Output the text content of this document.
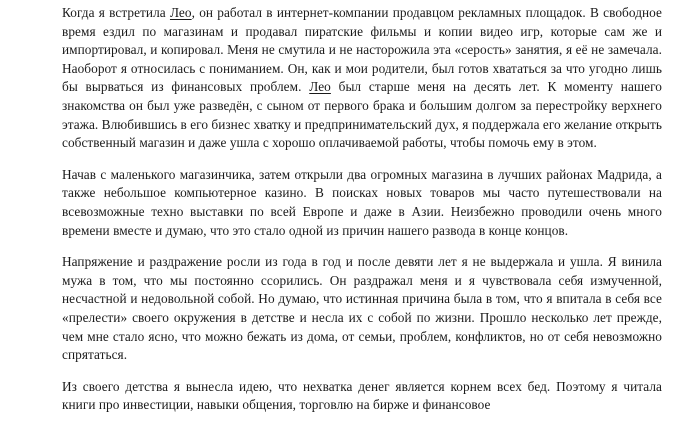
Когда я встретила Лео, он работал в интернет-компании продавцом рекламных площадок. В свободное время ездил по магазинам и продавал пиратские фильмы и копии видео игр, которые сам же и импортировал, и копировал. Меня не смутила и не насторожила эта «серость» занятия, я её не замечала. Наоборот я относилась с пониманием. Он, как и мои родители, был готов хвататься за что угодно лишь бы вырваться из финансовых проблем. Лео был старше меня на десять лет. К моменту нашего знакомства он был уже разведён, с сыном от первого брака и большим долгом за перестройку верхнего этажа. Влюбившись в его бизнес хватку и предпринимательский дух, я поддержала его желание открыть собственный магазин и даже ушла с хорошо оплачиваемой работы, чтобы помочь ему в этом.

Начав с маленького магазинчика, затем открыли два огромных магазина в лучших районах Мадрида, а также небольшое компьютерное казино. В поисках новых товаров мы часто путешествовали на всевозможные техно выставки по всей Европе и даже в Азии. Неизбежно проводили очень много времени вместе и думаю, что это стало одной из причин нашего развода в конце концов.

Напряжение и раздражение росли из года в год и после девяти лет я не выдержала и ушла. Я винила мужа в том, что мы постоянно ссорились. Он раздражал меня и я чувствовала себя измученной, несчастной и недовольной собой. Но думаю, что истинная причина была в том, что я впитала в себя все «прелести» своего окружения в детстве и несла их с собой по жизни. Прошло несколько лет прежде, чем мне стало ясно, что можно бежать из дома, от семьи, проблем, конфликтов, но от себя невозможно спрятаться.

Из своего детства я вынесла идею, что нехватка денег является корнем всех бед. Поэтому я читала книги про инвестиции, навыки общения, торговлю на бирже и финансовое
